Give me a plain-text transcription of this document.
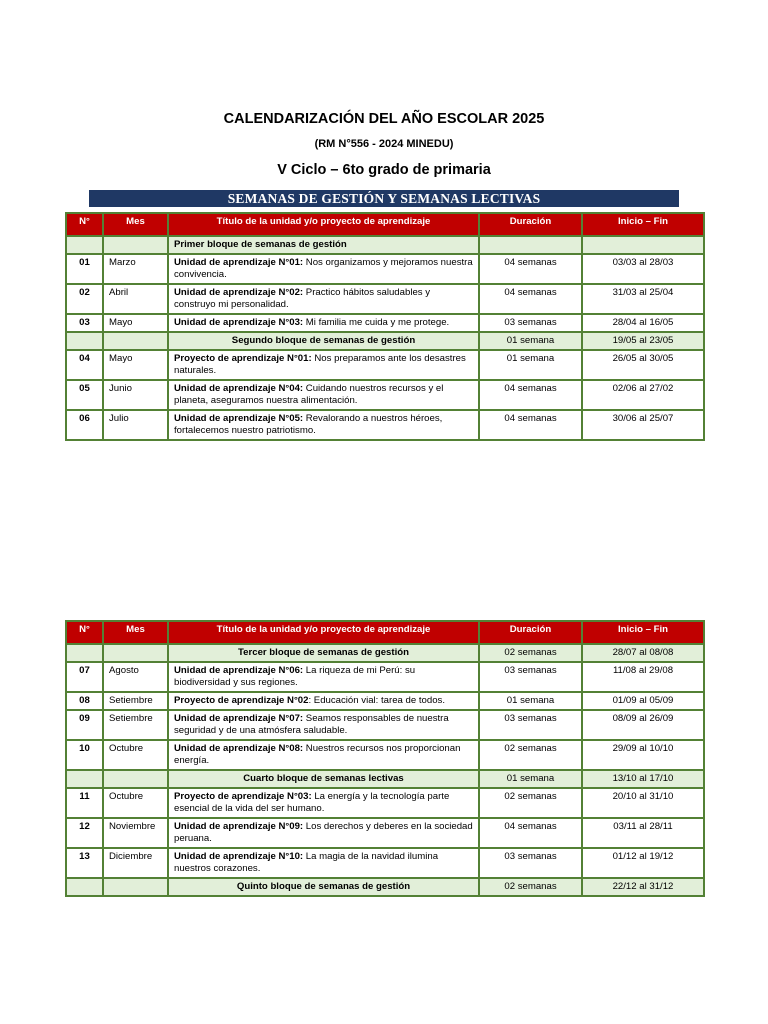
CALENDARIZACIÓN DEL AÑO ESCOLAR 2025
(RM N°556 - 2024 MINEDU)
V Ciclo – 6to grado de primaria
SEMANAS DE GESTIÓN Y SEMANAS LECTIVAS
N°	Mes	Título de la unidad y/o proyecto de aprendizaje	Duración	Inicio – Fin
		Primer bloque de semanas de gestión		
01	Marzo	Unidad de aprendizaje N°01: Nos organizamos y mejoramos nuestra convivencia.	04 semanas	03/03 al 28/03
02	Abril	Unidad de aprendizaje N°02: Practico hábitos saludables y construyo mi personalidad.	04 semanas	31/03 al 25/04
03	Mayo	Unidad de aprendizaje N°03: Mi familia me cuida y me protege.	03 semanas	28/04 al 16/05
		Segundo bloque de semanas de gestión	01 semana	19/05 al 23/05
04	Mayo	Proyecto de aprendizaje N°01: Nos preparamos ante los desastres naturales.	01 semana	26/05 al 30/05
05	Junio	Unidad de aprendizaje N°04: Cuidando nuestros recursos y el planeta, aseguramos nuestra alimentación.	04 semanas	02/06 al 27/02
06	Julio	Unidad de aprendizaje N°05: Revalorando a nuestros héroes, fortalecemos nuestro patriotismo.	04 semanas	30/06 al 25/07
N°	Mes	Título de la unidad y/o proyecto de aprendizaje	Duración	Inicio – Fin
		Tercer bloque de semanas de gestión	02 semanas	28/07 al 08/08
07	Agosto	Unidad de aprendizaje N°06: La riqueza de mi Perú: su biodiversidad y sus regiones.	03 semanas	11/08 al 29/08
08	Setiembre	Proyecto de aprendizaje N°02: Educación vial: tarea de todos.	01 semana	01/09 al 05/09
09	Setiembre	Unidad de aprendizaje N°07: Seamos responsables de nuestra seguridad y de una atmósfera saludable.	03 semanas	08/09 al 26/09
10	Octubre	Unidad de aprendizaje N°08: Nuestros recursos nos proporcionan energía.	02 semanas	29/09 al 10/10
		Cuarto bloque de semanas lectivas	01 semana	13/10 al 17/10
11	Octubre	Proyecto de aprendizaje N°03: La energía y la tecnología parte esencial de la vida del ser humano.	02 semanas	20/10 al 31/10
12	Noviembre	Unidad de aprendizaje N°09: Los derechos y deberes en la sociedad peruana.	04 semanas	03/11 al 28/11
13	Diciembre	Unidad de aprendizaje N°10: La magia de la navidad ilumina nuestros corazones.	03 semanas	01/12 al 19/12
		Quinto bloque de semanas de gestión	02 semanas	22/12 al 31/12
